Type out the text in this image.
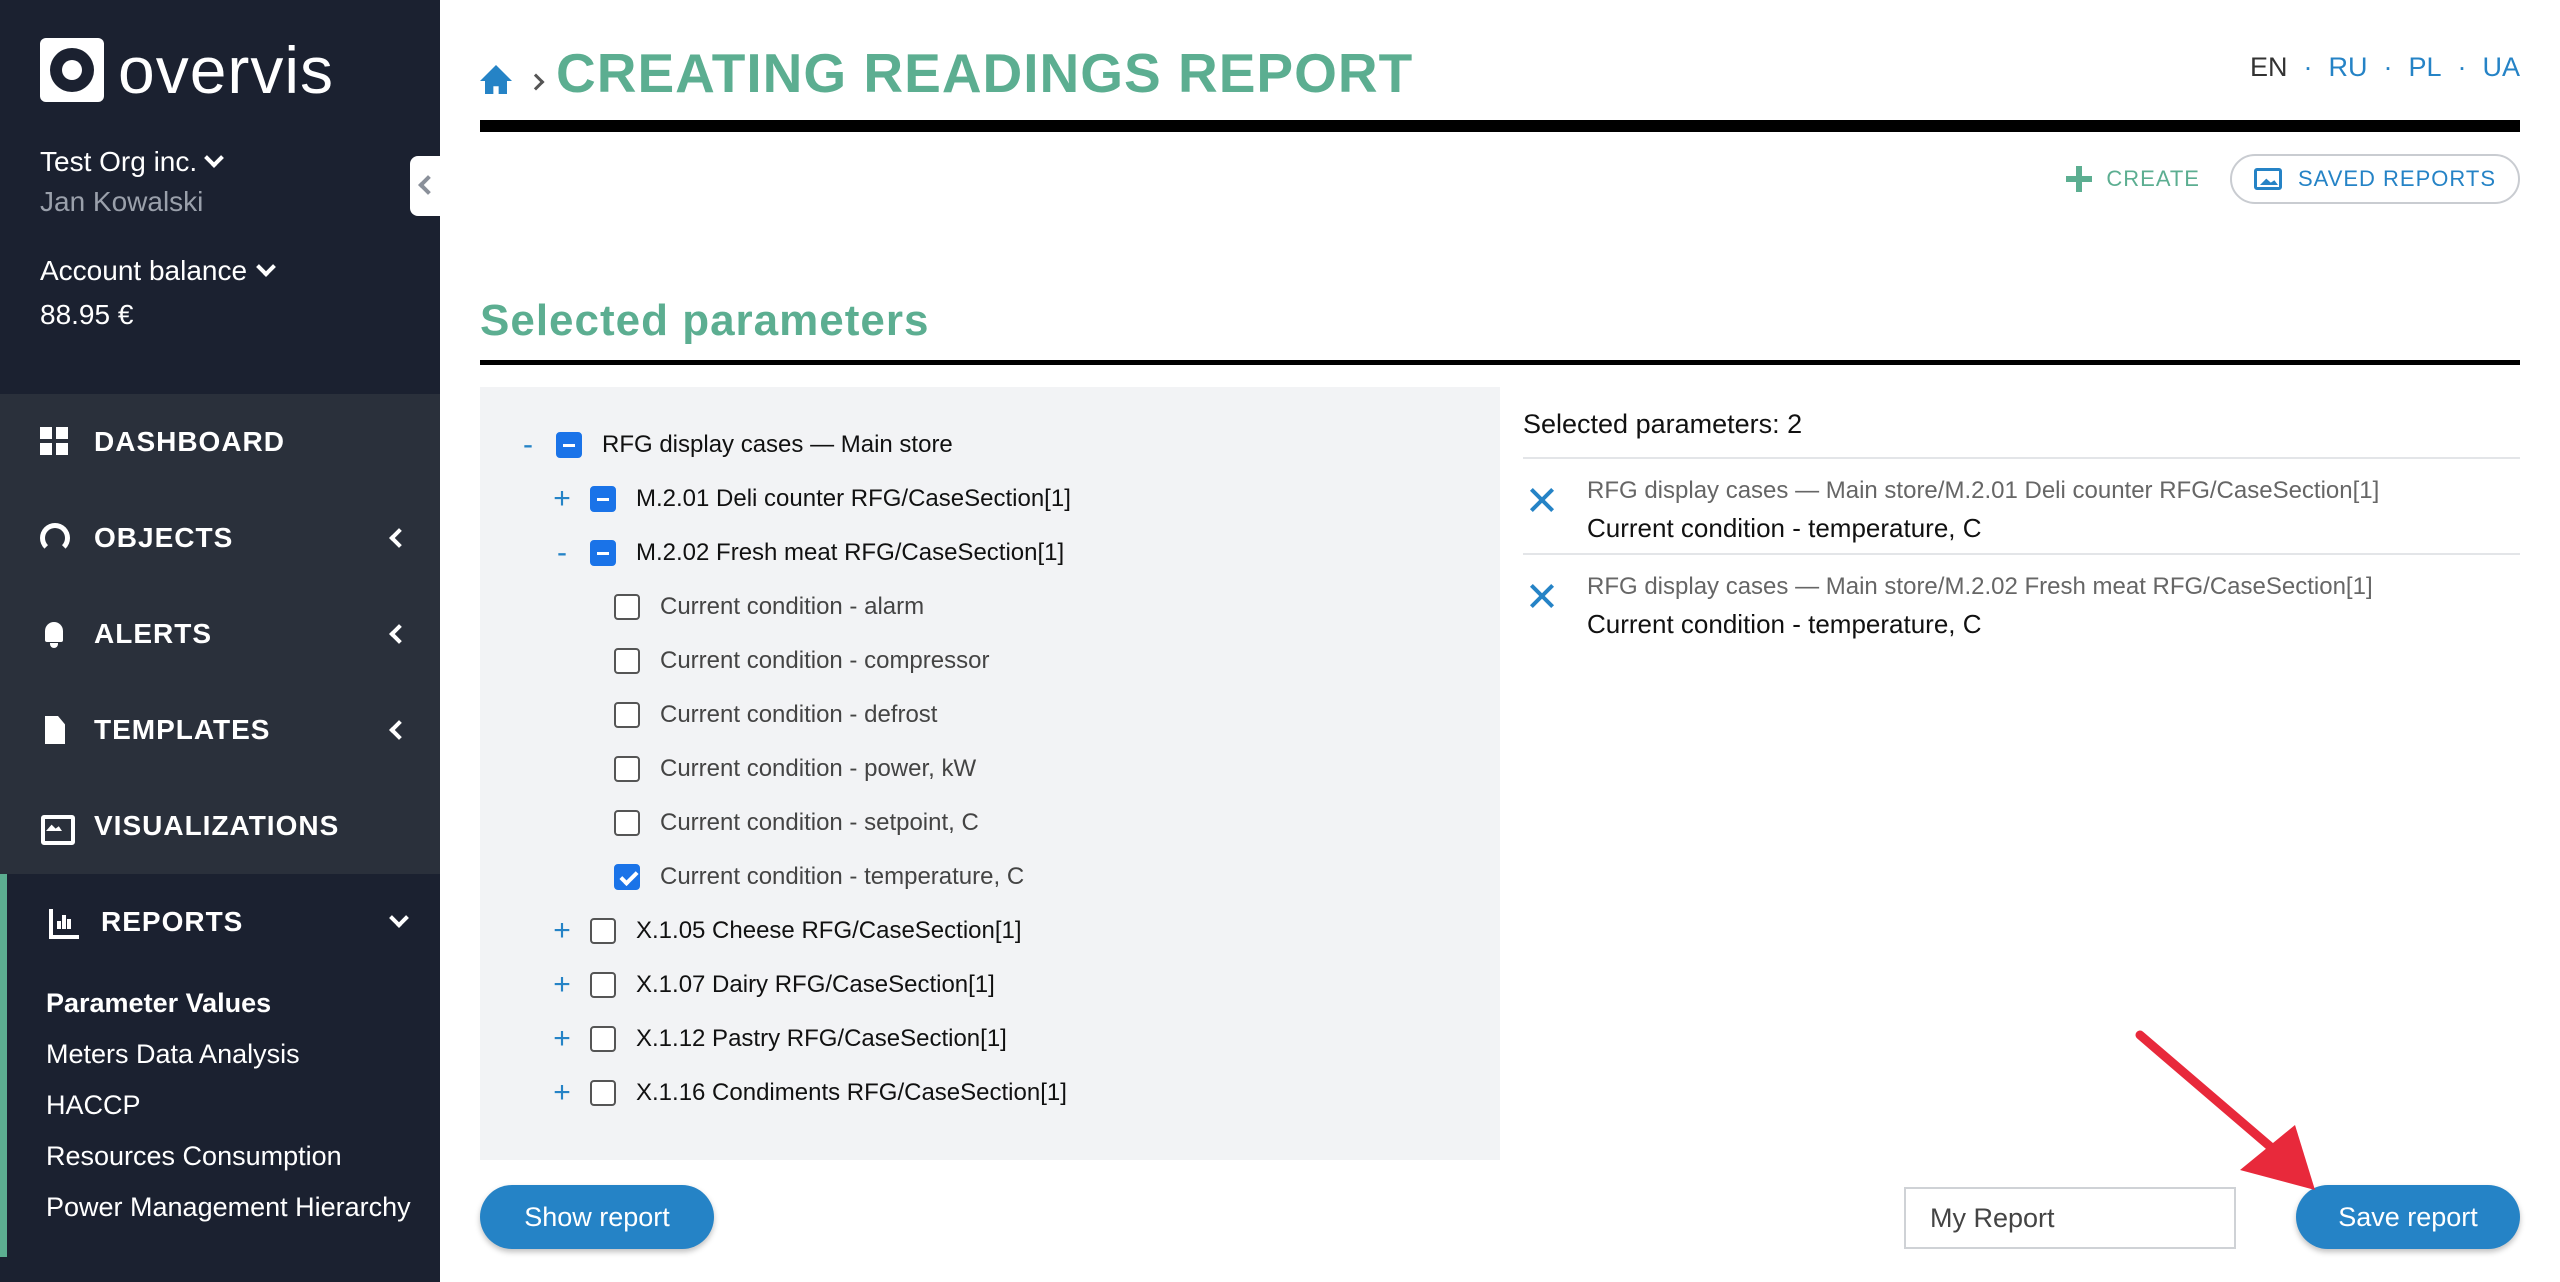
overvis
Test Org inc.
Jan Kowalski
Account balance
88.95 €
DASHBOARD
OBJECTS
ALERTS
TEMPLATES
VISUALIZATIONS
REPORTS
Parameter Values
Meters Data Analysis
HACCP
Resources Consumption
Power Management Hierarchy
CREATING READINGS REPORT	EN · RU · PL · UA
CREATE	SAVED REPORTS
Selected parameters
-	RFG display cases — Main store
+	M.2.01 Deli counter RFG/CaseSection[1]
-	M.2.02 Fresh meat RFG/CaseSection[1]
Current condition - alarm
Current condition - compressor
Current condition - defrost
Current condition - power, kW
Current condition - setpoint, C
Current condition - temperature, C
+	X.1.05 Cheese RFG/CaseSection[1]
+	X.1.07 Dairy RFG/CaseSection[1]
+	X.1.12 Pastry RFG/CaseSection[1]
+	X.1.16 Condiments RFG/CaseSection[1]
Selected parameters: 2
RFG display cases — Main store/M.2.01 Deli counter RFG/CaseSection[1]
Current condition - temperature, C
RFG display cases — Main store/M.2.02 Fresh meat RFG/CaseSection[1]
Current condition - temperature, C
Show report
My Report	Save report
